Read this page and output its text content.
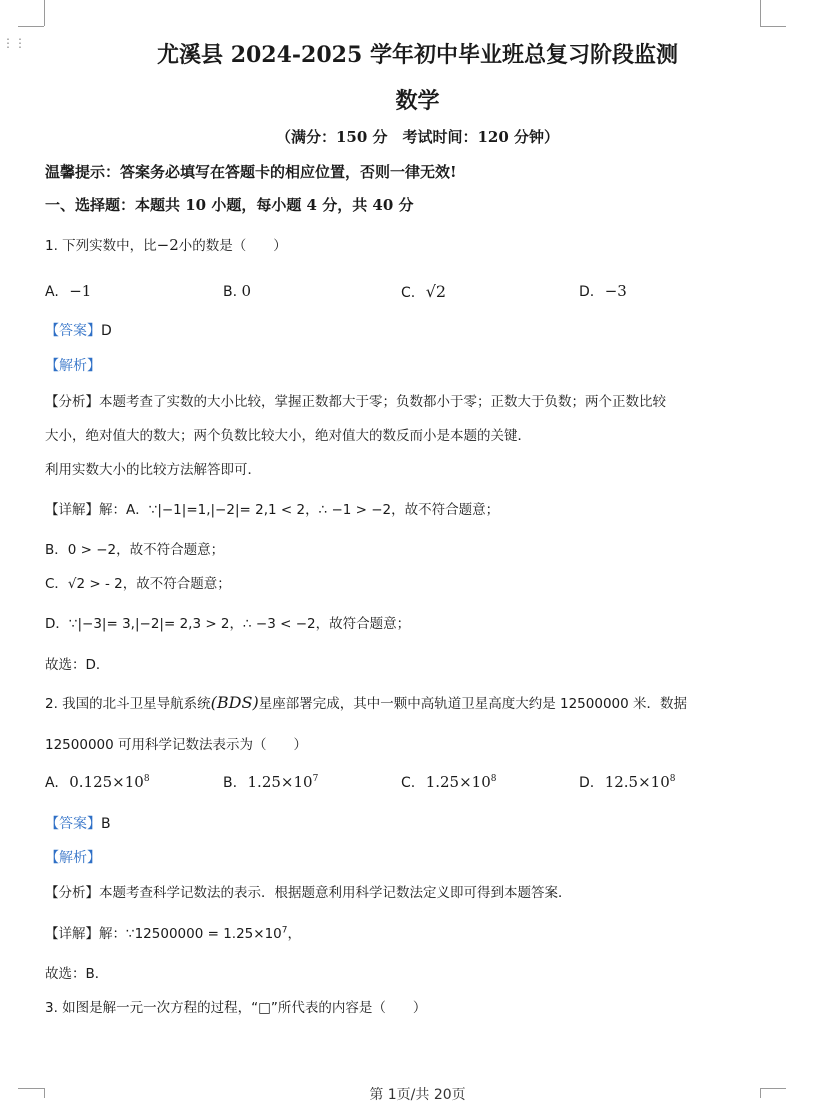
⋮⋮	尤溪县 2024-2025 学年初中毕业班总复习阶段监测
数学
（满分：150 分　考试时间：120 分钟）
温馨提示：答案务必填写在答题卡的相应位置，否则一律无效!
一、选择题：本题共 10 小题，每小题 4 分，共 40 分
1. 下列实数中，比−2小的数是（　　）
A. −1	B. 0	C. √2	D. −3
【答案】D
【解析】
【分析】本题考查了实数的大小比较，掌握正数都大于零；负数都小于零；正数大于负数；两个正数比较
大小，绝对值大的数大；两个负数比较大小，绝对值大的数反而小是本题的关键．
利用实数大小的比较方法解答即可．
【详解】解：A．∵|−1|=1,|−2|= 2,1 < 2，∴ −1 > −2，故不符合题意；
B．0 > −2，故不符合题意；
C．√2 > - 2，故不符合题意；
D．∵|−3|= 3,|−2|= 2,3 > 2，∴ −3 < −2，故符合题意；
故选：D．
2. 我国的北斗卫星导航系统(BDS)星座部署完成，其中一颗中高轨道卫星高度大约是 12500000 米．数据
12500000 可用科学记数法表示为（　　）
A. $0.125\times 10^8$	B. $1.25\times 10^7$	C. $1.25\times 10^8$	D. $12.5\times 10^8$
【答案】B
【解析】
【分析】本题考查科学记数法的表示．根据题意利用科学记数法定义即可得到本题答案．
【详解】解：∵12500000 = $1.25\times 10^7$，
故选：B．
3. 如图是解一元一次方程的过程，“□”所代表的内容是（　　）
第 1页/共 20页
